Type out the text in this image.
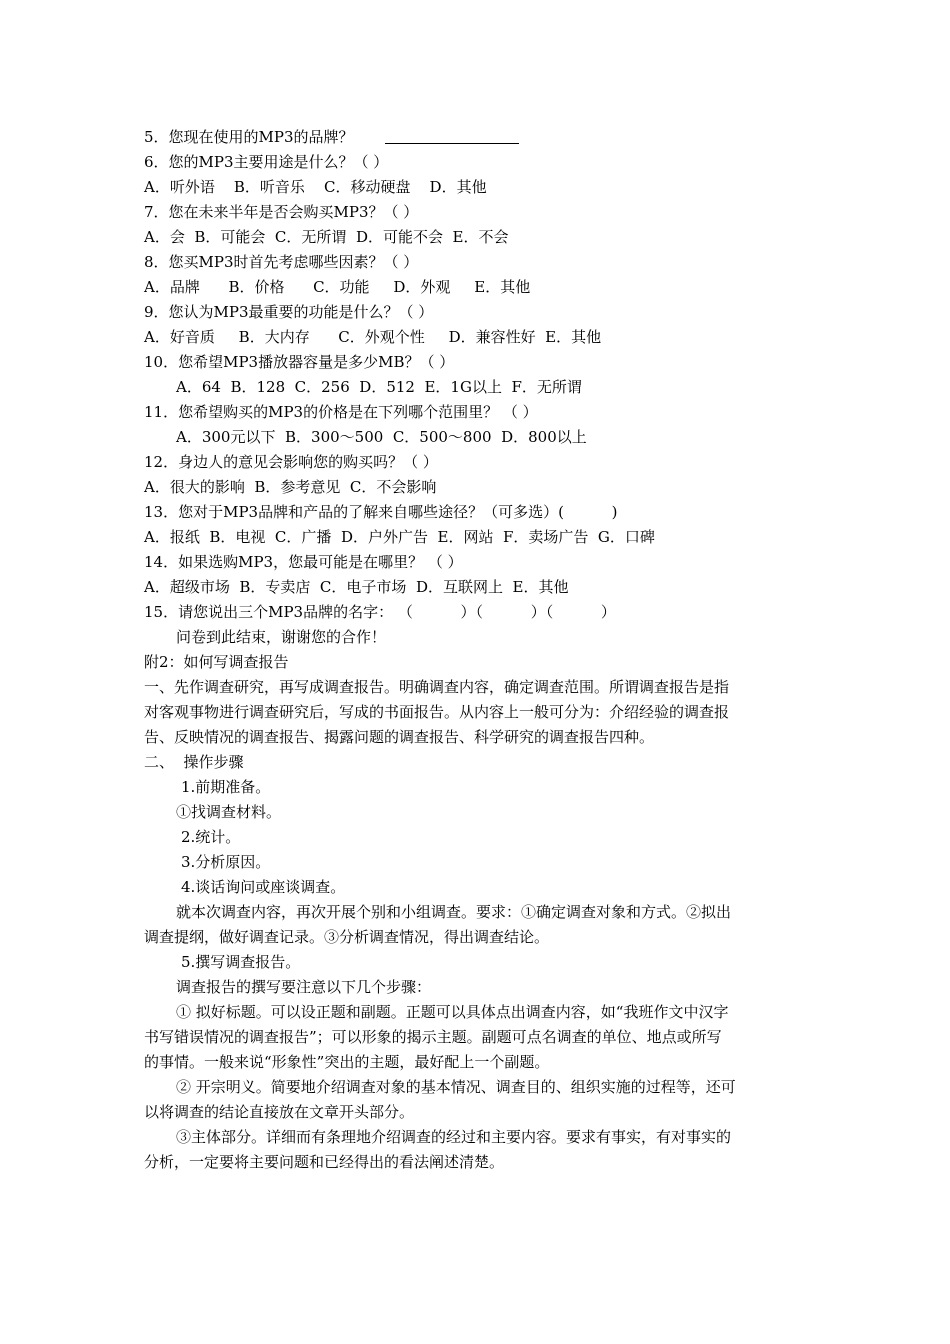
5．您现在使用的MP3的品牌？
6．您的MP3主要用途是什么？（ ）
A．听外语    B．听音乐    C．移动硬盘    D．其他
7．您在未来半年是否会购买MP3？（ ）
A．会  B．可能会  C．无所谓  D．可能不会  E．不会
8．您买MP3时首先考虑哪些因素？（ ）
A．品牌      B．价格      C．功能     D．外观     E．其他
9．您认为MP3最重要的功能是什么？（ ）
A．好音质     B．大内存      C．外观个性     D．兼容性好  E．其他
10．您希望MP3播放器容量是多少MB？（ ）
A．64  B．128  C．256  D．512  E．1G以上  F．无所谓
11．您希望购买的MP3的价格是在下列哪个范围里？ （ ）
A．300元以下  B．300～500  C．500～800  D．800以上
12．身边人的意见会影响您的购买吗？（ ）
A．很大的影响  B．参考意见  C．不会影响
13．您对于MP3品牌和产品的了解来自哪些途径？（可多选）(          )
A．报纸  B．电视  C．广播  D．户外广告  E．网站  F．卖场广告  G．口碑
14．如果选购MP3，您最可能是在哪里？ （ ）
A．超级市场  B．专卖店  C．电子市场  D．互联网上  E．其他
15．请您说出三个MP3品牌的名字： （          ）（          ）（          ）
问卷到此结束，谢谢您的合作！
附2：如何写调查报告
一、先作调查研究，再写成调查报告。明确调查内容，确定调查范围。所谓调查报告是指
对客观事物进行调查研究后，写成的书面报告。从内容上一般可分为：介绍经验的调查报
告、反映情况的调查报告、揭露问题的调查报告、科学研究的调查报告四种。
二、  操作步骤
1.前期准备。
①找调查材料。
2.统计。
3.分析原因。
4.谈话询问或座谈调查。
就本次调查内容，再次开展个别和小组调查。要求：①确定调查对象和方式。②拟出
调查提纲，做好调查记录。③分析调查情况，得出调查结论。
5.撰写调查报告。
调查报告的撰写要注意以下几个步骤：
① 拟好标题。可以设正题和副题。正题可以具体点出调查内容，如“我班作文中汉字
书写错误情况的调查报告”；可以形象的揭示主题。副题可点名调查的单位、地点或所写
的事情。一般来说“形象性”突出的主题，最好配上一个副题。
② 开宗明义。简要地介绍调查对象的基本情况、调查目的、组织实施的过程等，还可
以将调查的结论直接放在文章开头部分。
③主体部分。详细而有条理地介绍调查的经过和主要内容。要求有事实，有对事实的
分析，一定要将主要问题和已经得出的看法阐述清楚。
